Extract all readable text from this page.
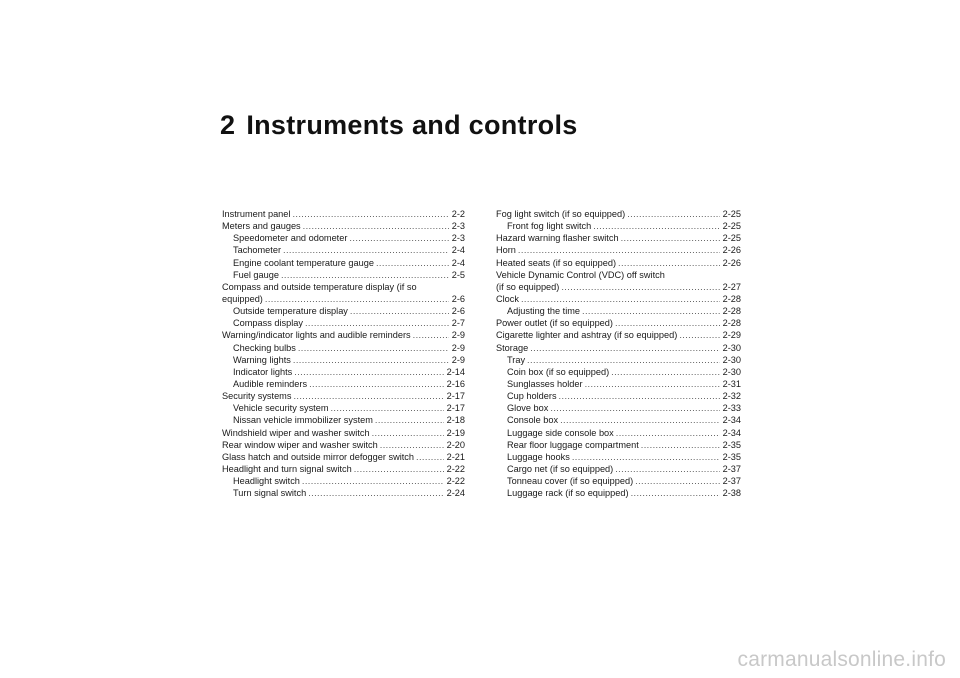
2 Instruments and controls
Instrument panel .....	2-2
Meters and gauges .....	2-3
Speedometer and odometer .....	2-3
Tachometer .....	2-4
Engine coolant temperature gauge .....	2-4
Fuel gauge .....	2-5
Compass and outside temperature display (if so
equipped) .....	2-6
Outside temperature display .....	2-6
Compass display .....	2-7
Warning/indicator lights and audible reminders .....	2-9
Checking bulbs .....	2-9
Warning lights .....	2-9
Indicator lights .....	2-14
Audible reminders .....	2-16
Security systems .....	2-17
Vehicle security system .....	2-17
Nissan vehicle immobilizer system .....	2-18
Windshield wiper and washer switch .....	2-19
Rear window wiper and washer switch .....	2-20
Glass hatch and outside mirror defogger switch .....	2-21
Headlight and turn signal switch .....	2-22
Headlight switch .....	2-22
Turn signal switch .....	2-24
Fog light switch (if so equipped) .....	2-25
Front fog light switch .....	2-25
Hazard warning flasher switch .....	2-25
Horn .....	2-26
Heated seats (if so equipped) .....	2-26
Vehicle Dynamic Control (VDC) off switch
(if so equipped) .....	2-27
Clock .....	2-28
Adjusting the time .....	2-28
Power outlet (if so equipped) .....	2-28
Cigarette lighter and ashtray (if so equipped) .....	2-29
Storage .....	2-30
Tray .....	2-30
Coin box (if so equipped) .....	2-30
Sunglasses holder .....	2-31
Cup holders .....	2-32
Glove box .....	2-33
Console box .....	2-34
Luggage side console box .....	2-34
Rear floor luggage compartment .....	2-35
Luggage hooks .....	2-35
Cargo net (if so equipped) .....	2-37
Tonneau cover (if so equipped) .....	2-37
Luggage rack (if so equipped) .....	2-38
carmanualsonline.info
